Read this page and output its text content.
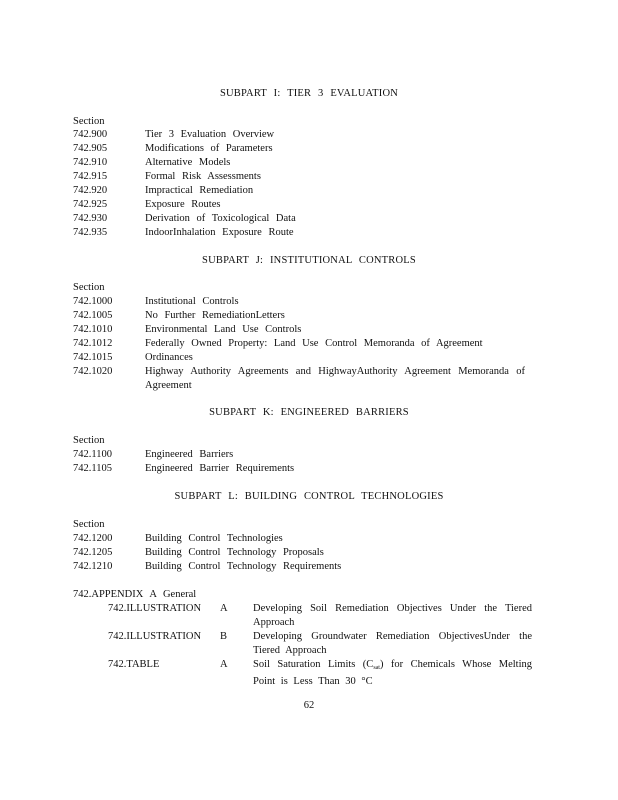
SUBPART I: TIER 3 EVALUATION
Section
742.900	Tier 3 Evaluation Overview
742.905	Modifications of Parameters
742.910	Alternative Models
742.915	Formal Risk Assessments
742.920	Impractical Remediation
742.925	Exposure Routes
742.930	Derivation of Toxicological Data
742.935	IndoorInhalation Exposure Route
SUBPART J: INSTITUTIONAL CONTROLS
Section
742.1000	Institutional Controls
742.1005	No Further RemediationLetters
742.1010	Environmental Land Use Controls
742.1012	Federally Owned Property: Land Use Control Memoranda of Agreement
742.1015	Ordinances
742.1020	Highway Authority Agreements and HighwayAuthority Agreement Memoranda of Agreement
SUBPART K: ENGINEERED BARRIERS
Section
742.1100	Engineered Barriers
742.1105	Engineered Barrier Requirements
SUBPART L: BUILDING CONTROL TECHNOLOGIES
Section
742.1200	Building Control Technologies
742.1205	Building Control Technology Proposals
742.1210	Building Control Technology Requirements
742.APPENDIX A General
742.ILLUSTRATION A Developing Soil Remediation Objectives Under the Tiered Approach
742.ILLUSTRATION B Developing Groundwater Remediation ObjectivesUnder the Tiered Approach
742.TABLE	A Soil Saturation Limits $(C_{sat})$ for Chemicals Whose Melting Point is Less Than 30 °C
62
